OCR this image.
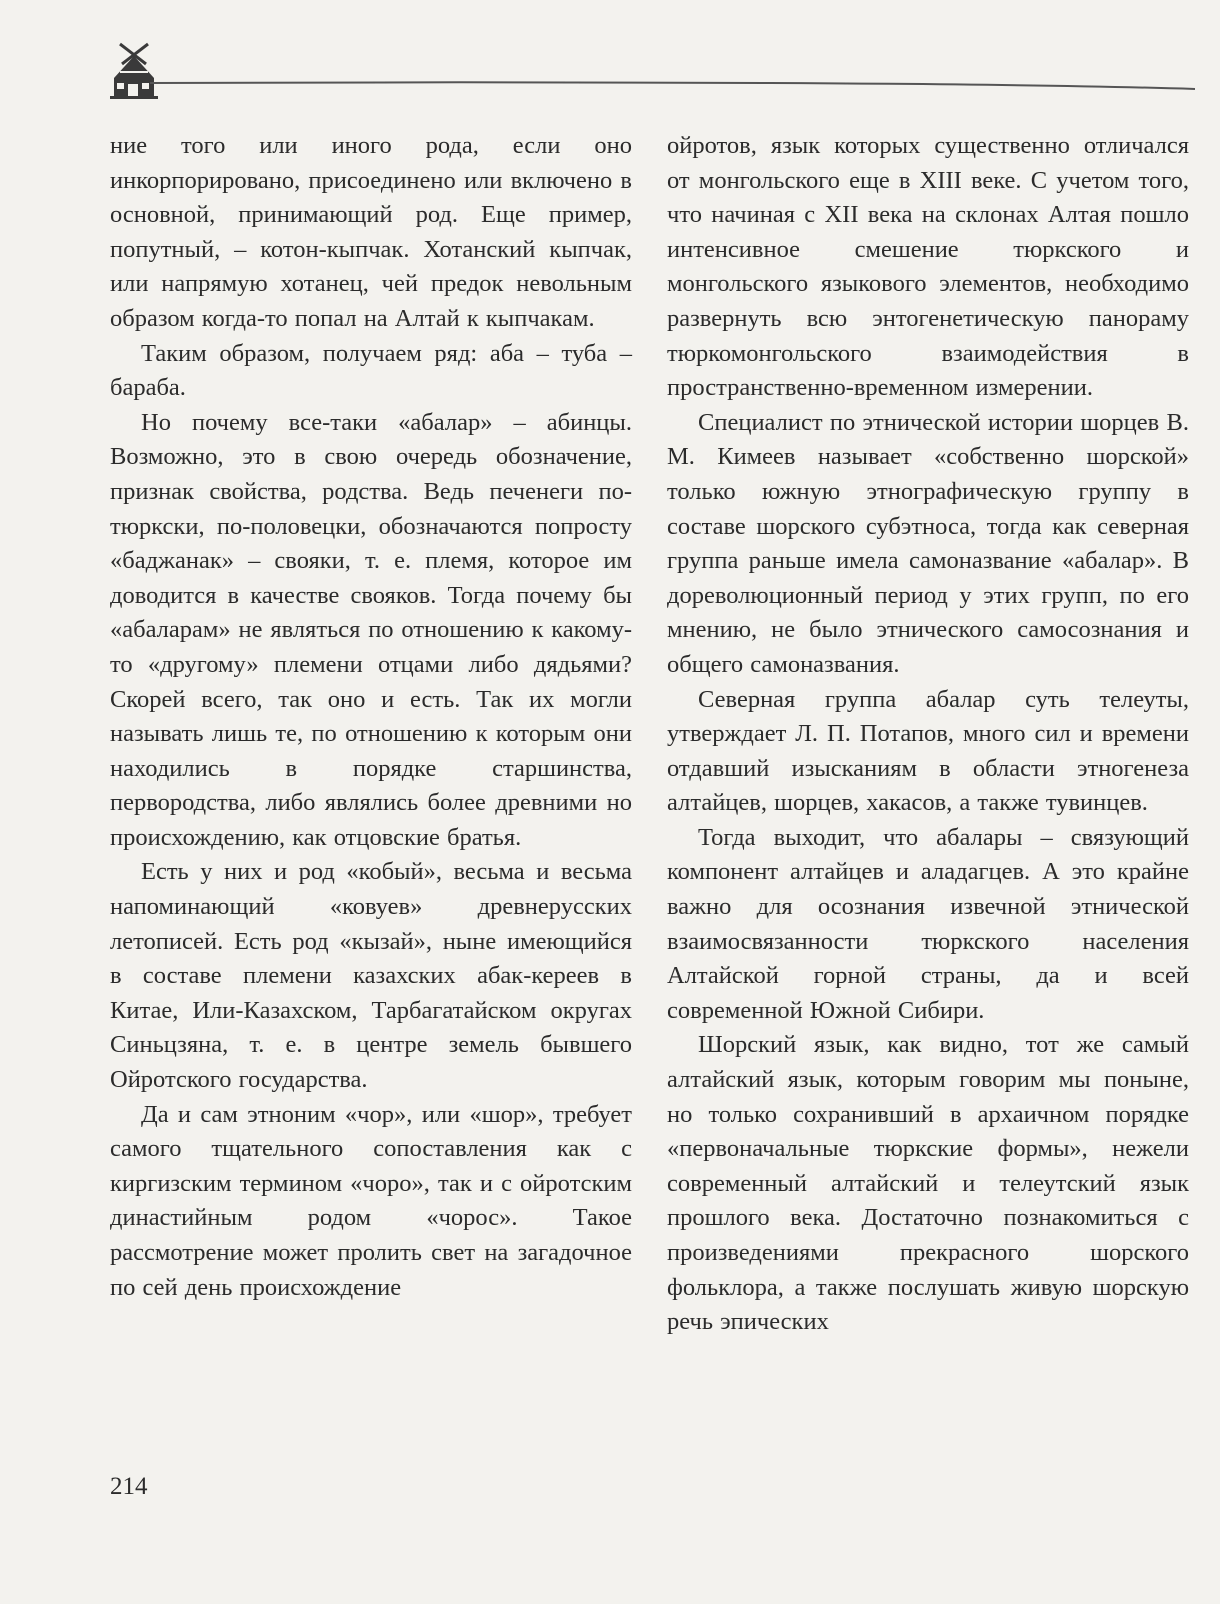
ние того или иного рода, если оно инкорпорировано, присоединено или включено в основной, принимающий род. Еще пример, попутный, – котон-кыпчак. Хотанский кыпчак, или напрямую хотанец, чей предок невольным образом когда-то попал на Алтай к кыпчакам.

Таким образом, получаем ряд: аба – туба – бараба.

Но почему все-таки «абалар» – абинцы. Возможно, это в свою очередь обозначение, признак свойства, родства. Ведь печенеги по-тюркски, по-половецки, обозначаются попросту «баджанак» – свояки, т. е. племя, которое им доводится в качестве свояков. Тогда почему бы «абаларам» не являться по отношению к какому-то «другому» племени отцами либо дядьями? Скорей всего, так оно и есть. Так их могли называть лишь те, по отношению к которым они находились в порядке старшинства, первородства, либо являлись более древними но происхождению, как отцовские братья.

Есть у них и род «кобый», весьма и весьма напоминающий «ковуев» древнерусских летописей. Есть род «кызай», ныне имеющийся в составе племени казахских абак-кереев в Китае, Или-Казахском, Тарбагатайском округах Синьцзяна, т. е. в центре земель бывшего Ойротского государства.

Да и сам этноним «чор», или «шор», требует самого тщательного сопоставления как с киргизским термином «чоро», так и с ойротским династийным родом «чорос». Такое рассмотрение может пролить свет на загадочное по сей день происхождение

ойротов, язык которых существенно отличался от монгольского еще в XIII веке. С учетом того, что начиная с XII века на склонах Алтая пошло интенсивное смешение тюркского и монгольского языкового элементов, необходимо развернуть всю энтогенетическую панораму тюркомонгольского взаимодействия в пространственно-временном измерении.

Специалист по этнической истории шорцев В. М. Кимеев называет «собственно шорской» только южную этнографическую группу в составе шорского субэтноса, тогда как северная группа раньше имела самоназвание «абалар». В дореволюционный период у этих групп, по его мнению, не было этнического самосознания и общего самоназвания.

Северная группа абалар суть телеуты, утверждает Л. П. Потапов, много сил и времени отдавший изысканиям в области этногенеза алтайцев, шорцев, хакасов, а также тувинцев.

Тогда выходит, что абалары – связующий компонент алтайцев и аладагцев. А это крайне важно для осознания извечной этнической взаимосвязанности тюркского населения Алтайской горной страны, да и всей современной Южной Сибири.

Шорский язык, как видно, тот же самый алтайский язык, которым говорим мы поныне, но только сохранивший в архаичном порядке «первоначальные тюркские формы», нежели современный алтайский и телеутский язык прошлого века. Достаточно познакомиться с произведениями прекрасного шорского фольклора, а также послушать живую шорскую речь эпических

214
